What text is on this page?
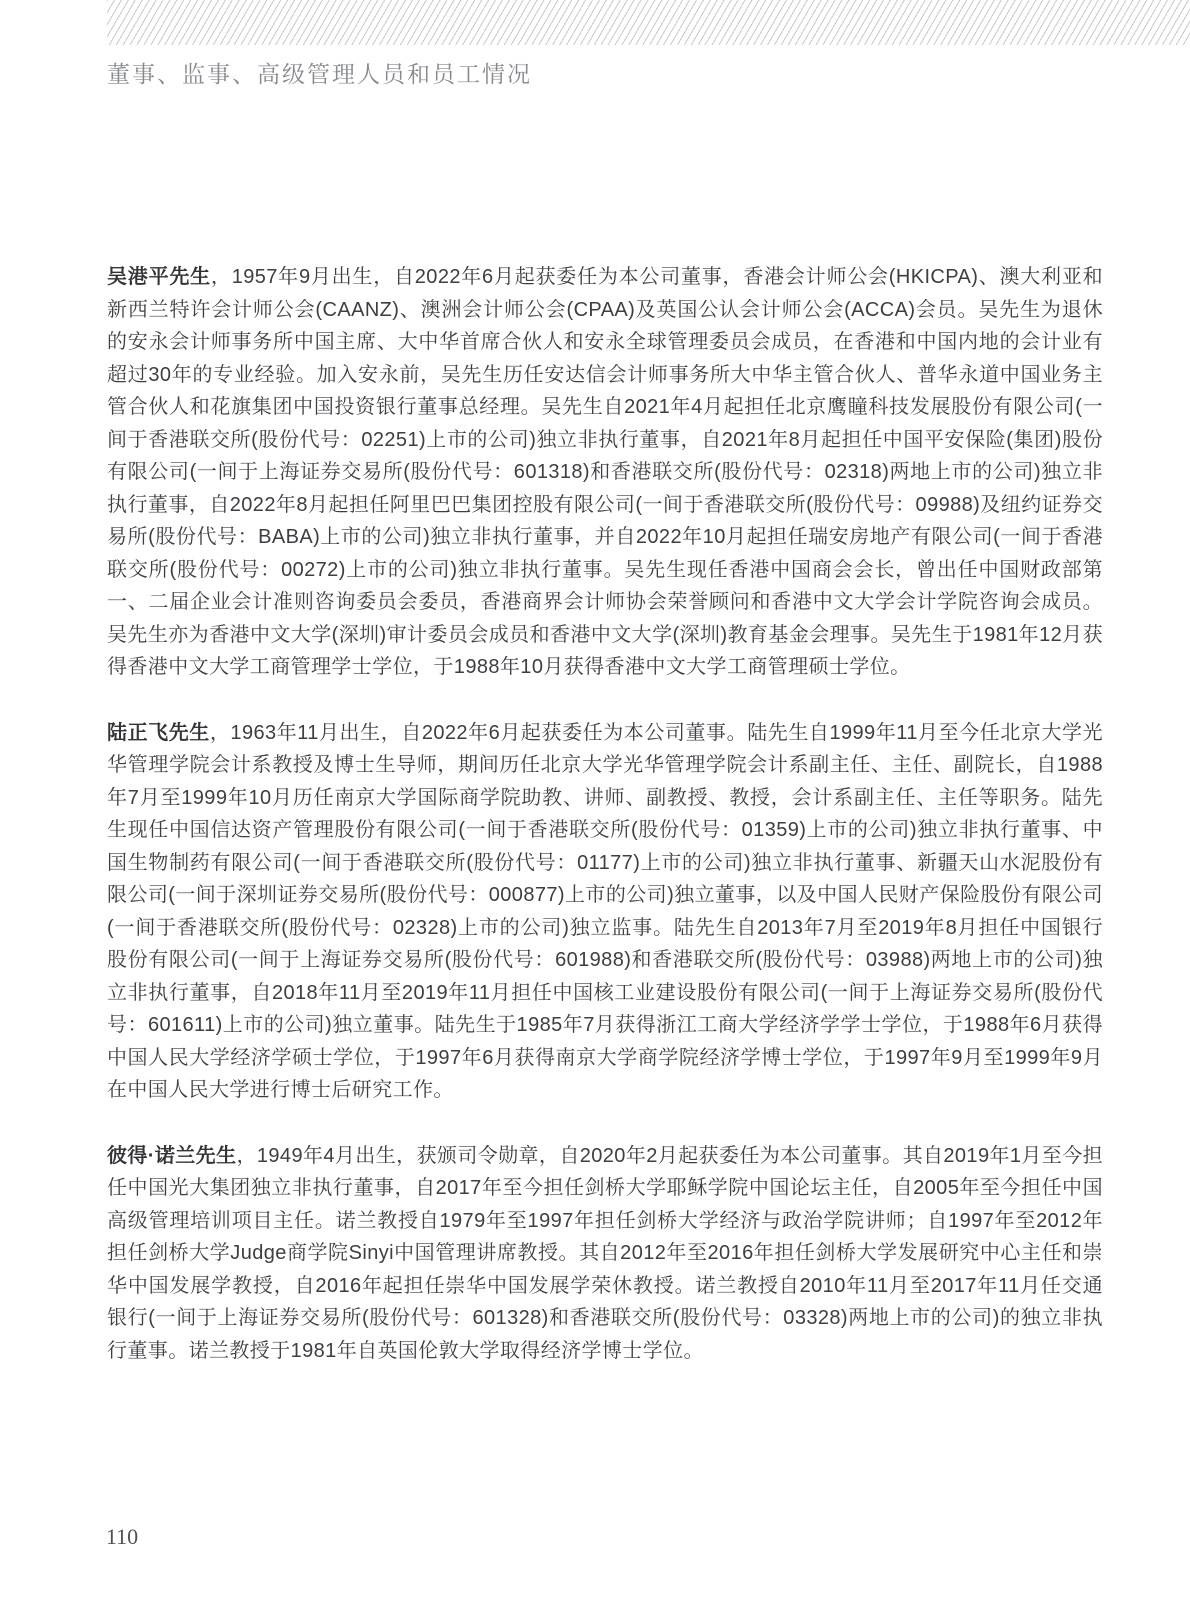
董事、监事、高级管理人员和员工情况

吴港平先生，1957年9月出生，自2022年6月起获委任为本公司董事，香港会计师公会(HKICPA)、澳大利亚和新西兰特许会计师公会(CAANZ)、澳洲会计师公会(CPAA)及英国公认会计师公会(ACCA)会员。吴先生为退休的安永会计师事务所中国主席、大中华首席合伙人和安永全球管理委员会成员，在香港和中国内地的会计业有超过30年的专业经验。加入安永前，吴先生历任安达信会计师事务所大中华主管合伙人、普华永道中国业务主管合伙人和花旗集团中国投资银行董事总经理。吴先生自2021年4月起担任北京鹰瞳科技发展股份有限公司(一间于香港联交所(股份代号：02251)上市的公司)独立非执行董事，自2021年8月起担任中国平安保险(集团)股份有限公司(一间于上海证券交易所(股份代号：601318)和香港联交所(股份代号：02318)两地上市的公司)独立非执行董事，自2022年8月起担任阿里巴巴集团控股有限公司(一间于香港联交所(股份代号：09988)及纽约证券交易所(股份代号：BABA)上市的公司)独立非执行董事，并自2022年10月起担任瑞安房地产有限公司(一间于香港联交所(股份代号：00272)上市的公司)独立非执行董事。吴先生现任香港中国商会会长，曾出任中国财政部第一、二届企业会计准则咨询委员会委员，香港商界会计师协会荣誉顾问和香港中文大学会计学院咨询会成员。吴先生亦为香港中文大学(深圳)审计委员会成员和香港中文大学(深圳)教育基金会理事。吴先生于1981年12月获得香港中文大学工商管理学士学位，于1988年10月获得香港中文大学工商管理硕士学位。

陆正飞先生，1963年11月出生，自2022年6月起获委任为本公司董事。陆先生自1999年11月至今任北京大学光华管理学院会计系教授及博士生导师，期间历任北京大学光华管理学院会计系副主任、主任、副院长，自1988年7月至1999年10月历任南京大学国际商学院助教、讲师、副教授、教授，会计系副主任、主任等职务。陆先生现任中国信达资产管理股份有限公司(一间于香港联交所(股份代号：01359)上市的公司)独立非执行董事、中国生物制药有限公司(一间于香港联交所(股份代号：01177)上市的公司)独立非执行董事、新疆天山水泥股份有限公司(一间于深圳证券交易所(股份代号：000877)上市的公司)独立董事，以及中国人民财产保险股份有限公司(一间于香港联交所(股份代号：02328)上市的公司)独立监事。陆先生自2013年7月至2019年8月担任中国银行股份有限公司(一间于上海证券交易所(股份代号：601988)和香港联交所(股份代号：03988)两地上市的公司)独立非执行董事，自2018年11月至2019年11月担任中国核工业建设股份有限公司(一间于上海证券交易所(股份代号：601611)上市的公司)独立董事。陆先生于1985年7月获得浙江工商大学经济学学士学位，于1988年6月获得中国人民大学经济学硕士学位，于1997年6月获得南京大学商学院经济学博士学位，于1997年9月至1999年9月在中国人民大学进行博士后研究工作。

彼得·诺兰先生，1949年4月出生，获颁司令勋章，自2020年2月起获委任为本公司董事。其自2019年1月至今担任中国光大集团独立非执行董事，自2017年至今担任剑桥大学耶稣学院中国论坛主任，自2005年至今担任中国高级管理培训项目主任。诺兰教授自1979年至1997年担任剑桥大学经济与政治学院讲师；自1997年至2012年担任剑桥大学Judge商学院Sinyi中国管理讲席教授。其自2012年至2016年担任剑桥大学发展研究中心主任和崇华中国发展学教授，自2016年起担任崇华中国发展学荣休教授。诺兰教授自2010年11月至2017年11月任交通银行(一间于上海证券交易所(股份代号：601328)和香港联交所(股份代号：03328)两地上市的公司)的独立非执行董事。诺兰教授于1981年自英国伦敦大学取得经济学博士学位。

110
